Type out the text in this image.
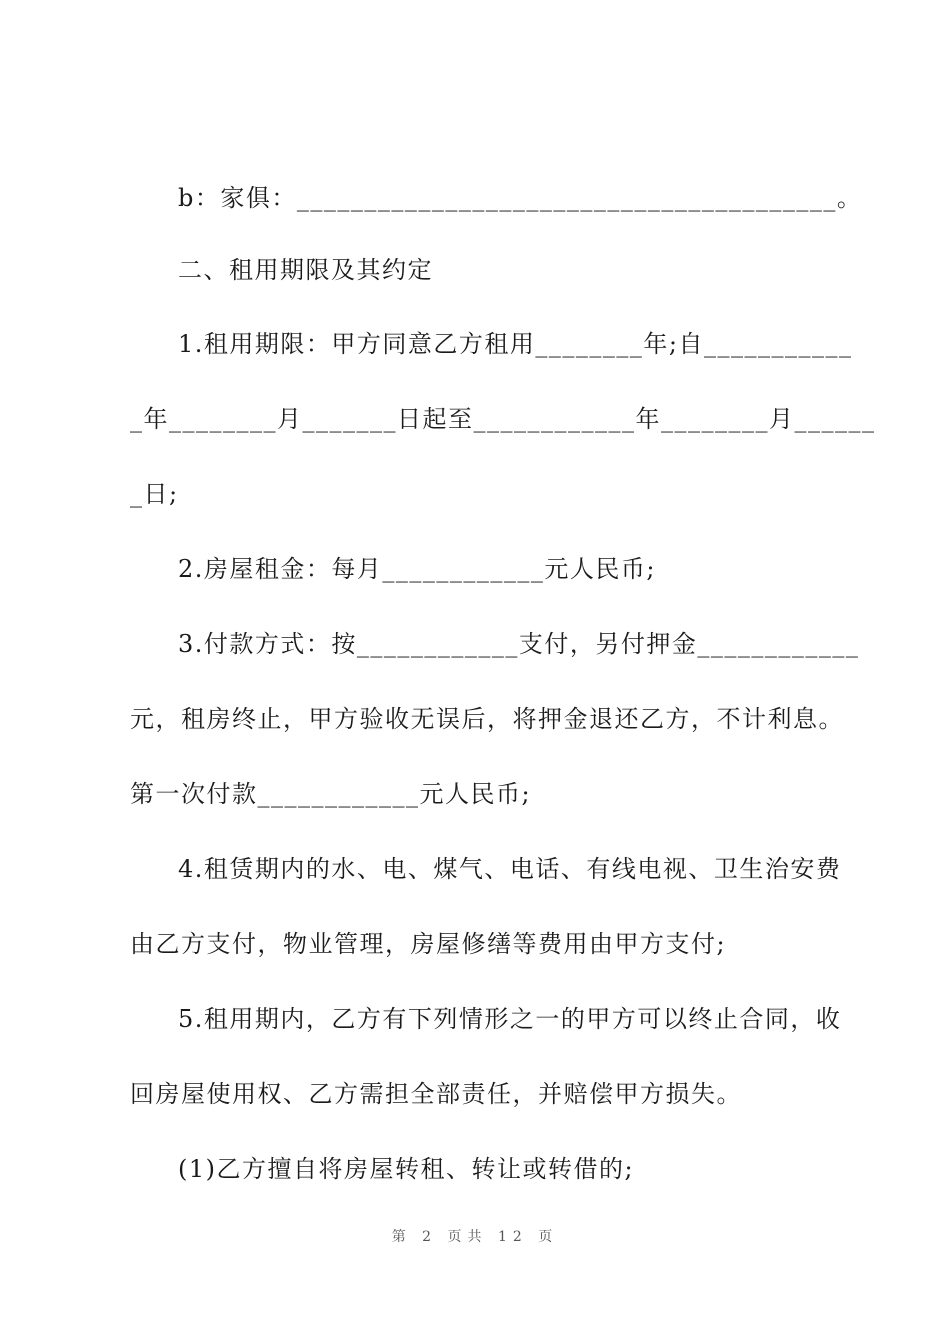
b：家俱：________________________________________。
二、租用期限及其约定
1.租用期限：甲方同意乙方租用________年;自___________
_年________月_______日起至____________年________月______
_日;
2.房屋租金：每月____________元人民币;
3.付款方式：按____________支付，另付押金____________
元，租房终止，甲方验收无误后，将押金退还乙方，不计利息。
第一次付款____________元人民币;
4.租赁期内的水、电、煤气、电话、有线电视、卫生治安费
由乙方支付，物业管理，房屋修缮等费用由甲方支付;
5.租用期内，乙方有下列情形之一的甲方可以终止合同，收
回房屋使用权、乙方需担全部责任，并赔偿甲方损失。
(1)乙方擅自将房屋转租、转让或转借的;
第 2 页共 12 页
